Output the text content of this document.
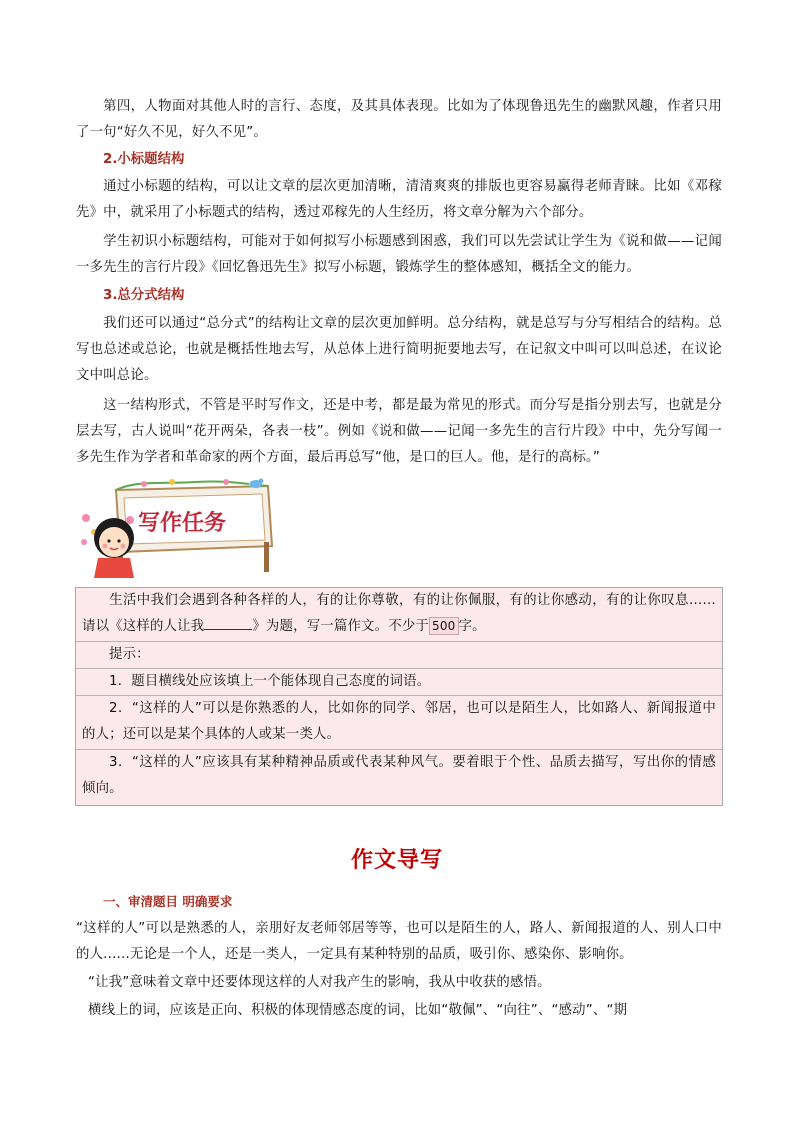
第四，人物面对其他人时的言行、态度，及其具体表现。比如为了体现鲁迅先生的幽默风趣，作者只用了一句“好久不见，好久不见”。
2.小标题结构
通过小标题的结构，可以让文章的层次更加清晰，清清爽爽的排版也更容易赢得老师青睐。比如《邓稼先》中，就采用了小标题式的结构，透过邓稼先的人生经历，将文章分解为六个部分。
学生初识小标题结构，可能对于如何拟写小标题感到困惑，我们可以先尝试让学生为《说和做——记闻一多先生的言行片段》《回忆鲁迅先生》拟写小标题，锻炼学生的整体感知，概括全文的能力。
3.总分式结构
我们还可以通过“总分式”的结构让文章的层次更加鲜明。总分结构，就是总写与分写相结合的结构。总写也总述或总论，也就是概括性地去写，从总体上进行简明扼要地去写，在记叙文中叫可以叫总述，在议论文中叫总论。
这一结构形式，不管是平时写作文，还是中考，都是最为常见的形式。而分写是指分别去写，也就是分层去写，古人说叫“花开两朵，各表一枝”。例如《说和做——记闻一多先生的言行片段》中中，先分写闻一多先生作为学者和革命家的两个方面，最后再总写“他，是口的巨人。他，是行的高标。”
写作任务
生活中我们会遇到各种各样的人，有的让你尊敬，有的让你佩服，有的让你感动，有的让你叹息……请以《这样的人让我	》为题，写一篇作文。不少于 500 字。
提示：
1．题目横线处应该填上一个能体现自己态度的词语。
2．“这样的人”可以是你熟悉的人，比如你的同学、邻居，也可以是陌生人，比如路人、新闻报道中的人；还可以是某个具体的人或某一类人。
3．“这样的人”应该具有某种精神品质或代表某种风气。要着眼于个性、品质去描写，写出你的情感倾向。
作文导写
一、审清题目 明确要求
“这样的人”可以是熟悉的人，亲朋好友老师邻居等等，也可以是陌生的人，路人、新闻报道的人、别人口中的人......无论是一个人，还是一类人，一定具有某种特别的品质，吸引你、感染你、影响你。
“让我”意味着文章中还要体现这样的人对我产生的影响，我从中收获的感悟。
横线上的词，应该是正向、积极的体现情感态度的词，比如“敬佩”、“向往”、“感动”、“期
